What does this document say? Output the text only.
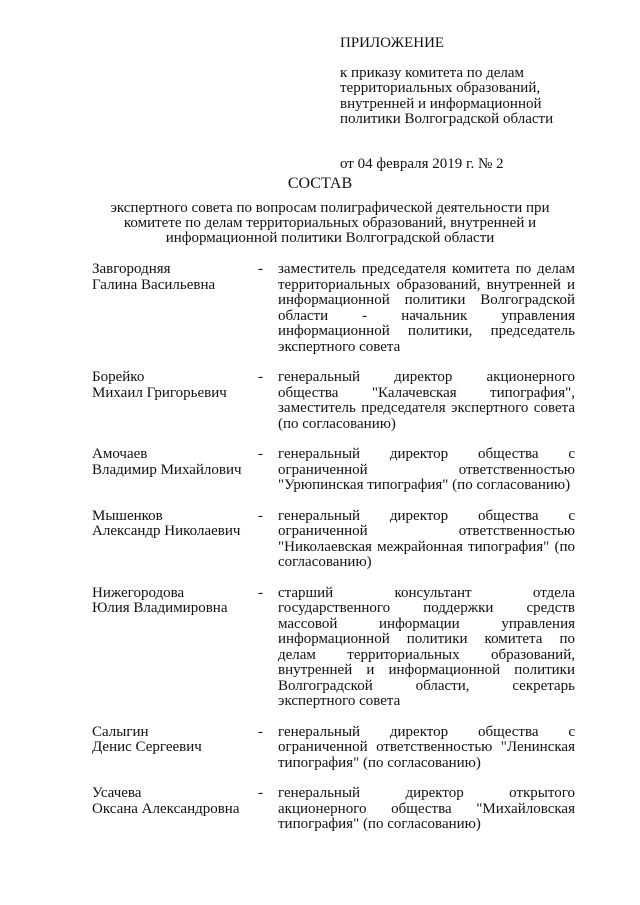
ПРИЛОЖЕНИЕ
к приказу комитета по делам территориальных образований, внутренней и информационной политики Волгоградской области
от 04 февраля 2019 г. № 2
СОСТАВ
экспертного совета по вопросам полиграфической деятельности при комитете по делам территориальных образований, внутренней и информационной политики Волгоградской области
Завгородняя
Галина Васильевна
-	заместитель председателя комитета по делам территориальных образований, внутренней и информационной политики Волгоградской области - начальник управления информационной политики, председатель экспертного совета
Борейко
Михаил Григорьевич
-	генеральный директор акционерного общества "Калачевская типография", заместитель председателя экспертного совета (по согласованию)
Амочаев
Владимир Михайлович
-	генеральный директор общества с ограниченной ответственностью "Урюпинская типография" (по согласованию)
Мышенков
Александр Николаевич
-	генеральный директор общества с ограниченной ответственностью "Николаевская межрайонная типография" (по согласованию)
Нижегородова
Юлия Владимировна
-	старший консультант отдела государственного поддержки средств массовой информации управления информационной политики комитета по делам территориальных образований, внутренней и информационной политики Волгоградской области, секретарь экспертного совета
Салыгин
Денис Сергеевич
-	генеральный директор общества с ограниченной ответственностью "Ленинская типография" (по согласованию)
Усачева
Оксана Александровна
-	генеральный директор открытого акционерного общества "Михайловская типография" (по согласованию)
